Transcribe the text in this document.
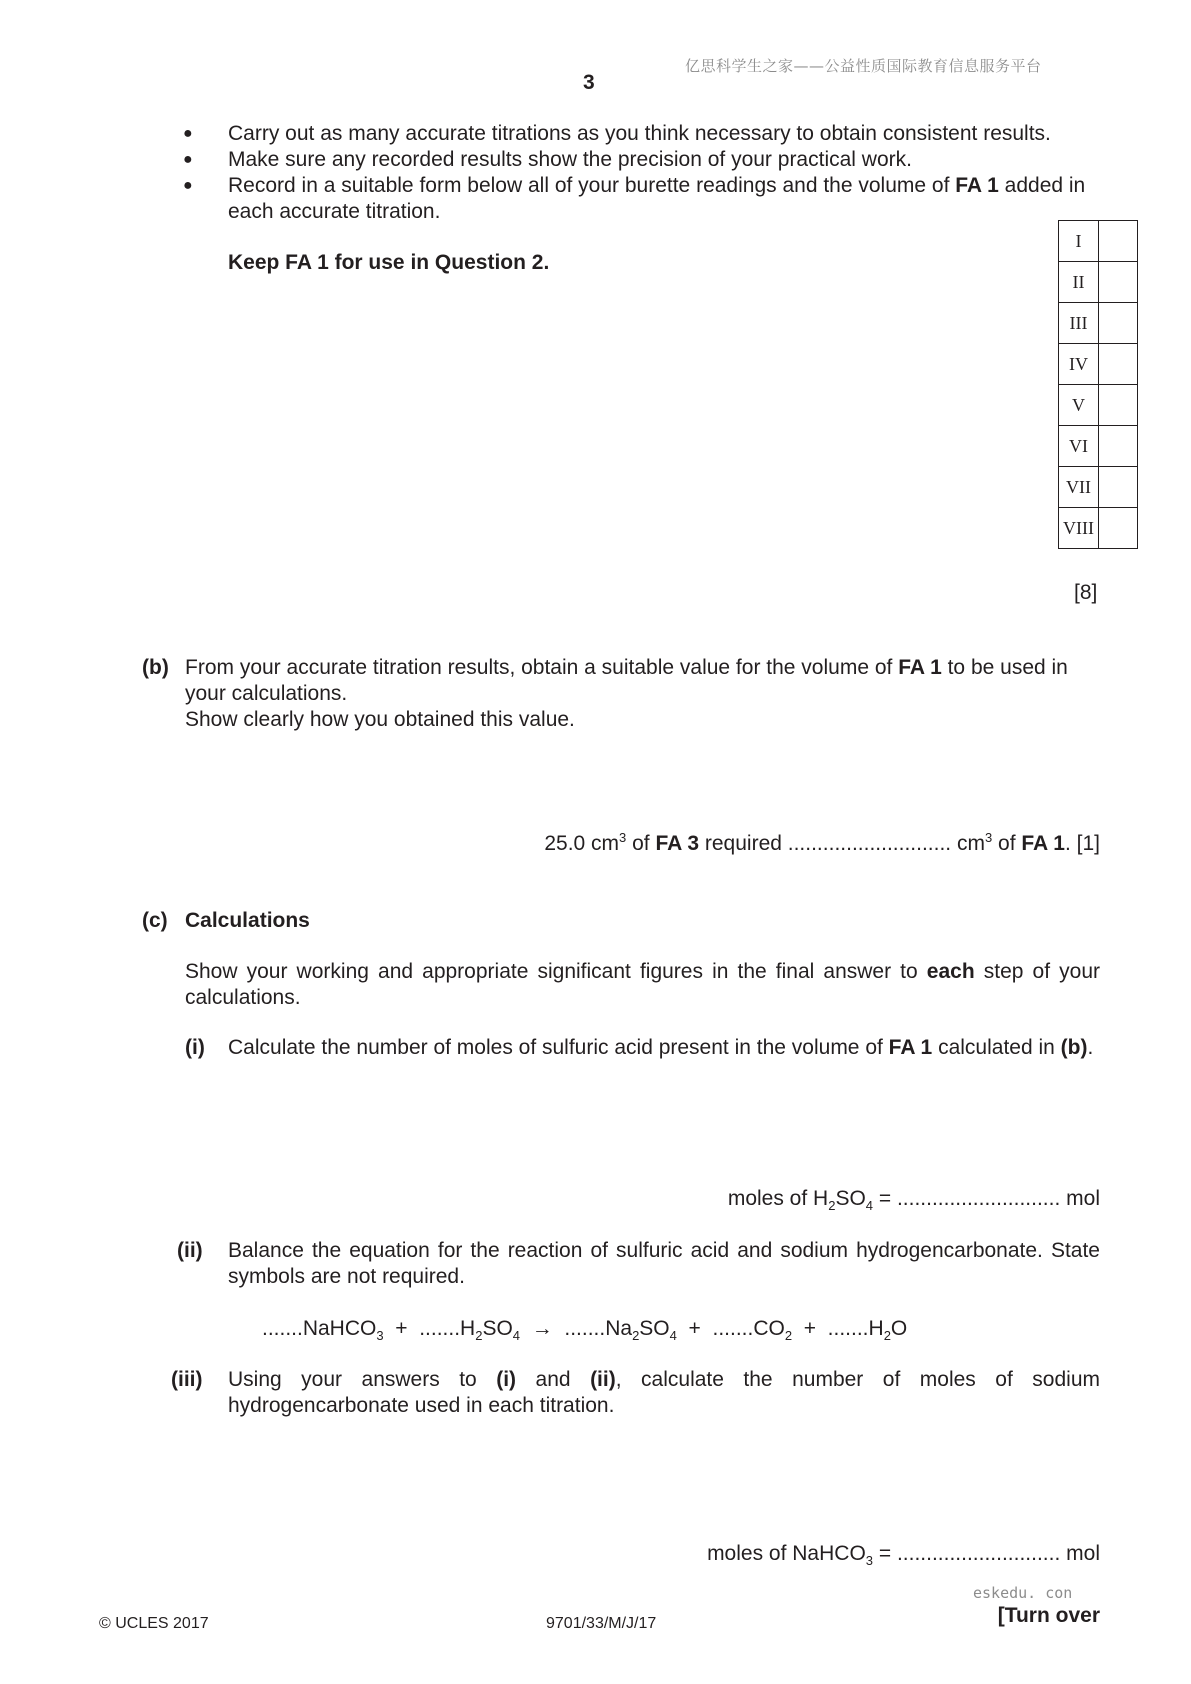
亿思科学生之家——公益性质国际教育信息服务平台
3
● Carry out as many accurate titrations as you think necessary to obtain consistent results.
● Make sure any recorded results show the precision of your practical work.
● Record in a suitable form below all of your burette readings and the volume of FA 1 added in each accurate titration.
Keep FA 1 for use in Question 2.
I	
II	
III	
IV	
V	
VI	
VII	
VIII	
[8]
(b) From your accurate titration results, obtain a suitable value for the volume of FA 1 to be used in your calculations.
Show clearly how you obtained this value.
25.0 $cm^3$ of FA 3 required ............................ $cm^3$ of FA 1. [1]
(c) Calculations
Show your working and appropriate significant figures in the final answer to each step of your calculations.
(i) Calculate the number of moles of sulfuric acid present in the volume of FA 1 calculated in (b).
moles of $H_2SO_4$ = ............................ mol
(ii) Balance the equation for the reaction of sulfuric acid and sodium hydrogencarbonate. State symbols are not required.
.......NaHCO$_3$  +  $.......H_2SO_4 \to .......Na_2SO_4 + .......CO_2 + .......H_2O$
(iii) Using your answers to (i) and (ii), calculate the number of moles of sodium hydrogencarbonate used in each titration.
moles of NaHCO$_3$ = ............................ mol
eskedu. con
© UCLES 2017	9701/33/M/J/17	[Turn over
